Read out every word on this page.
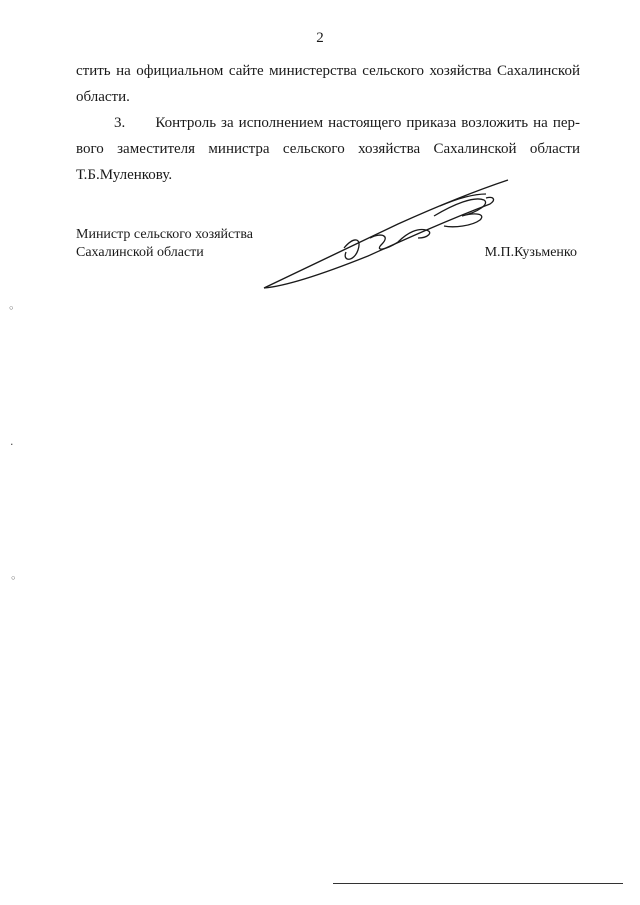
2
стить на официальном сайте министерства сельского хозяйства Сахалинской
области.
3.      Контроль за исполнением настоящего приказа возложить на пер-
вого заместителя министра сельского хозяйства Сахалинской области
Т.Б.Муленкову.
Министр сельского хозяйства
Сахалинской области	М.П.Кузьменко
◦
·
◦
